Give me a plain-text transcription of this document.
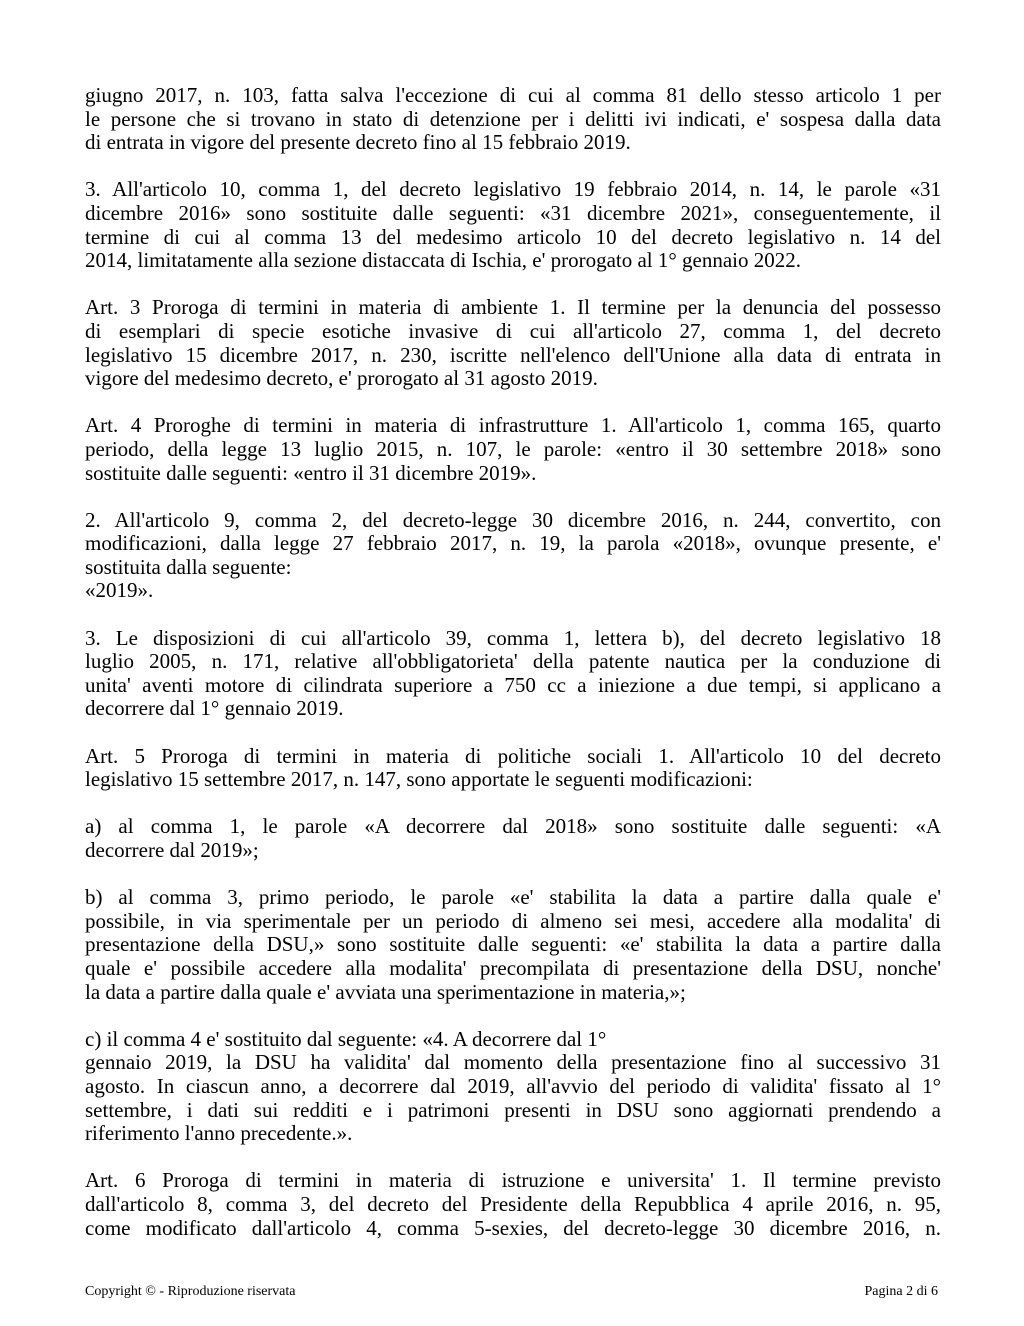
giugno 2017, n. 103, fatta salva l'eccezione di cui al comma 81 dello stesso articolo 1 per
le persone che si trovano in stato di detenzione per i delitti ivi indicati, e' sospesa dalla data
di entrata in vigore del presente decreto fino al 15 febbraio 2019.
3. All'articolo 10, comma 1, del decreto legislativo 19 febbraio 2014, n. 14, le parole «31
dicembre 2016» sono sostituite dalle seguenti: «31 dicembre 2021», conseguentemente, il
termine di cui al comma 13 del medesimo articolo 10 del decreto legislativo n. 14 del
2014, limitatamente alla sezione distaccata di Ischia, e' prorogato al 1° gennaio 2022.
Art. 3 Proroga di termini in materia di ambiente 1. Il termine per la denuncia del possesso
di esemplari di specie esotiche invasive di cui all'articolo 27, comma 1, del decreto
legislativo 15 dicembre 2017, n. 230, iscritte nell'elenco dell'Unione alla data di entrata in
vigore del medesimo decreto, e' prorogato al 31 agosto 2019.
Art. 4 Proroghe di termini in materia di infrastrutture 1. All'articolo 1, comma 165, quarto
periodo, della legge 13 luglio 2015, n. 107, le parole: «entro il 30 settembre 2018» sono
sostituite dalle seguenti: «entro il 31 dicembre 2019».
2. All'articolo 9, comma 2, del decreto-legge 30 dicembre 2016, n. 244, convertito, con
modificazioni, dalla legge 27 febbraio 2017, n. 19, la parola «2018», ovunque presente, e'
sostituita dalla seguente:
«2019».
3. Le disposizioni di cui all'articolo 39, comma 1, lettera b), del decreto legislativo 18
luglio 2005, n. 171, relative all'obbligatorieta' della patente nautica per la conduzione di
unita' aventi motore di cilindrata superiore a 750 cc a iniezione a due tempi, si applicano a
decorrere dal 1° gennaio 2019.
Art. 5 Proroga di termini in materia di politiche sociali 1. All'articolo 10 del decreto
legislativo 15 settembre 2017, n. 147, sono apportate le seguenti modificazioni:
a) al comma 1, le parole «A decorrere dal 2018» sono sostituite dalle seguenti: «A
decorrere dal 2019»;
b) al comma 3, primo periodo, le parole «e' stabilita la data a partire dalla quale e'
possibile, in via sperimentale per un periodo di almeno sei mesi, accedere alla modalita' di
presentazione della DSU,» sono sostituite dalle seguenti: «e' stabilita la data a partire dalla
quale e' possibile accedere alla modalita' precompilata di presentazione della DSU, nonche'
la data a partire dalla quale e' avviata una sperimentazione in materia,»;
c) il comma 4 e' sostituito dal seguente: «4. A decorrere dal 1°
gennaio 2019, la DSU ha validita' dal momento della presentazione fino al successivo 31
agosto. In ciascun anno, a decorrere dal 2019, all'avvio del periodo di validita' fissato al 1°
settembre, i dati sui redditi e i patrimoni presenti in DSU sono aggiornati prendendo a
riferimento l'anno precedente.».
Art. 6 Proroga di termini in materia di istruzione e universita' 1. Il termine previsto
dall'articolo 8, comma 3, del decreto del Presidente della Repubblica 4 aprile 2016, n. 95,
come modificato dall'articolo 4, comma 5-sexies, del decreto-legge 30 dicembre 2016, n.
Copyright © - Riproduzione riservata	Pagina 2 di 6
